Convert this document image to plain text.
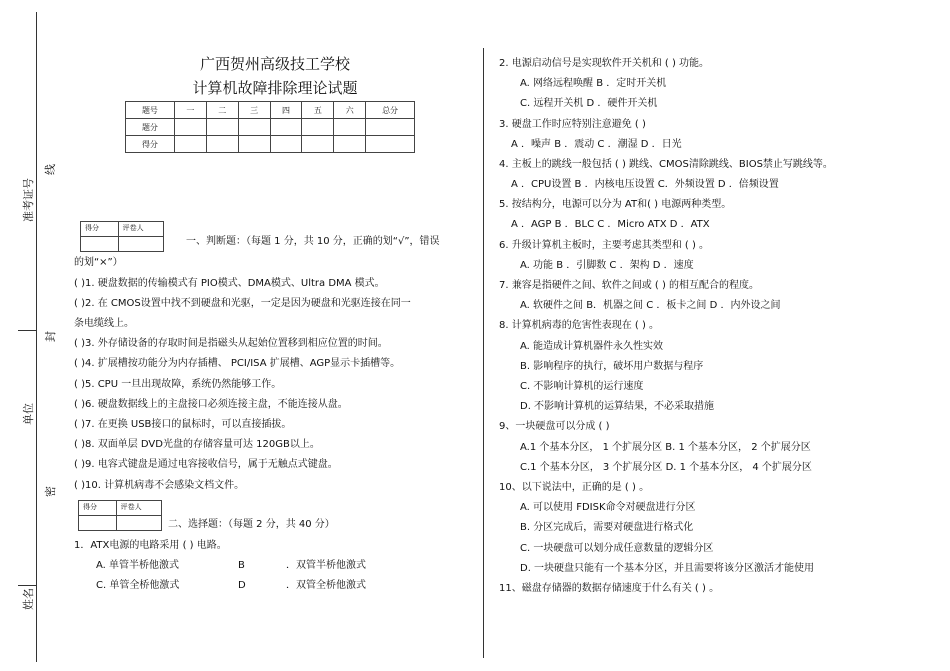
准考证号
单位
姓名
线
封
密
广西贺州高级技工学校
计算机故障排除理论试题
题号	一	二	三	四	五	六	总分
题分							
得分							
得分	评卷人
一、判断题：（每题 1 分，共 10 分，正确的划“√”，错误
的划“×”）
( )1. 硬盘数据的传输模式有 PIO模式、DMA模式、Ultra DMA 模式。
( )2. 在 CMOS设置中找不到硬盘和光驱，一定是因为硬盘和光驱连接在同一
条电缆线上。
( )3. 外存储设备的存取时间是指磁头从起始位置移到相应位置的时间。
( )4. 扩展槽按功能分为内存插槽、 PCI/ISA 扩展槽、AGP显示卡插槽等。
( )5. CPU 一旦出现故障，系统仍然能够工作。
( )6. 硬盘数据线上的主盘接口必须连接主盘，不能连接从盘。
( )7. 在更换 USB接口的鼠标时，可以直接插拔。
( )8. 双面单层 DVD光盘的存储容量可达 120GB以上。
( )9. 电容式键盘是通过电容接收信号，属于无触点式键盘。
( )10. 计算机病毒不会感染文档文件。
得分	评卷人
二、选择题：（每题 2 分，共 40 分）
1．ATX电源的电路采用 ( ) 电路。
A. 单管半桥他激式	B	．双管半桥他激式
C. 单管全桥他激式	D	．双管全桥他激式
2. 电源启动信号是实现软件开关机和 ( ) 功能。
A. 网络远程唤醒 B ．定时开关机
C. 远程开关机 D ．硬件开关机
3. 硬盘工作时应特别注意避免 ( )
A ．噪声 B ．震动 C ．潮湿 D ．日光
4. 主板上的跳线一般包括 ( ) 跳线、CMOS清除跳线、BIOS禁止写跳线等。
A ．CPU设置 B ．内核电压设置 C．外频设置 D ．倍频设置
5. 按结构分，电源可以分为 AT和( ) 电源两种类型。
A ．AGP B ．BLC C ．Micro ATX D ．ATX
6. 升级计算机主板时，主要考虑其类型和 ( ) 。
A. 功能 B ．引脚数 C ．架构 D ．速度
7. 兼容是指硬件之间、软件之间或 ( ) 的相互配合的程度。
A. 软硬件之间 B．机器之间 C ．板卡之间 D ．内外设之间
8. 计算机病毒的危害性表现在 ( ) 。
A. 能造成计算机器件永久性实效
B. 影响程序的执行，破坏用户数据与程序
C. 不影响计算机的运行速度
D. 不影响计算机的运算结果，不必采取措施
9、一块硬盘可以分成 ( )
A.1 个基本分区， 1 个扩展分区 B. 1 个基本分区， 2 个扩展分区
C.1 个基本分区， 3 个扩展分区 D. 1 个基本分区， 4 个扩展分区
10、以下说法中，正确的是 ( ) 。
A. 可以使用 FDISK命令对硬盘进行分区
B. 分区完成后，需要对硬盘进行格式化
C. 一块硬盘可以划分成任意数量的逻辑分区
D. 一块硬盘只能有一个基本分区，并且需要将该分区激活才能使用
11、磁盘存储器的数据存储速度于什么有关 ( ) 。
